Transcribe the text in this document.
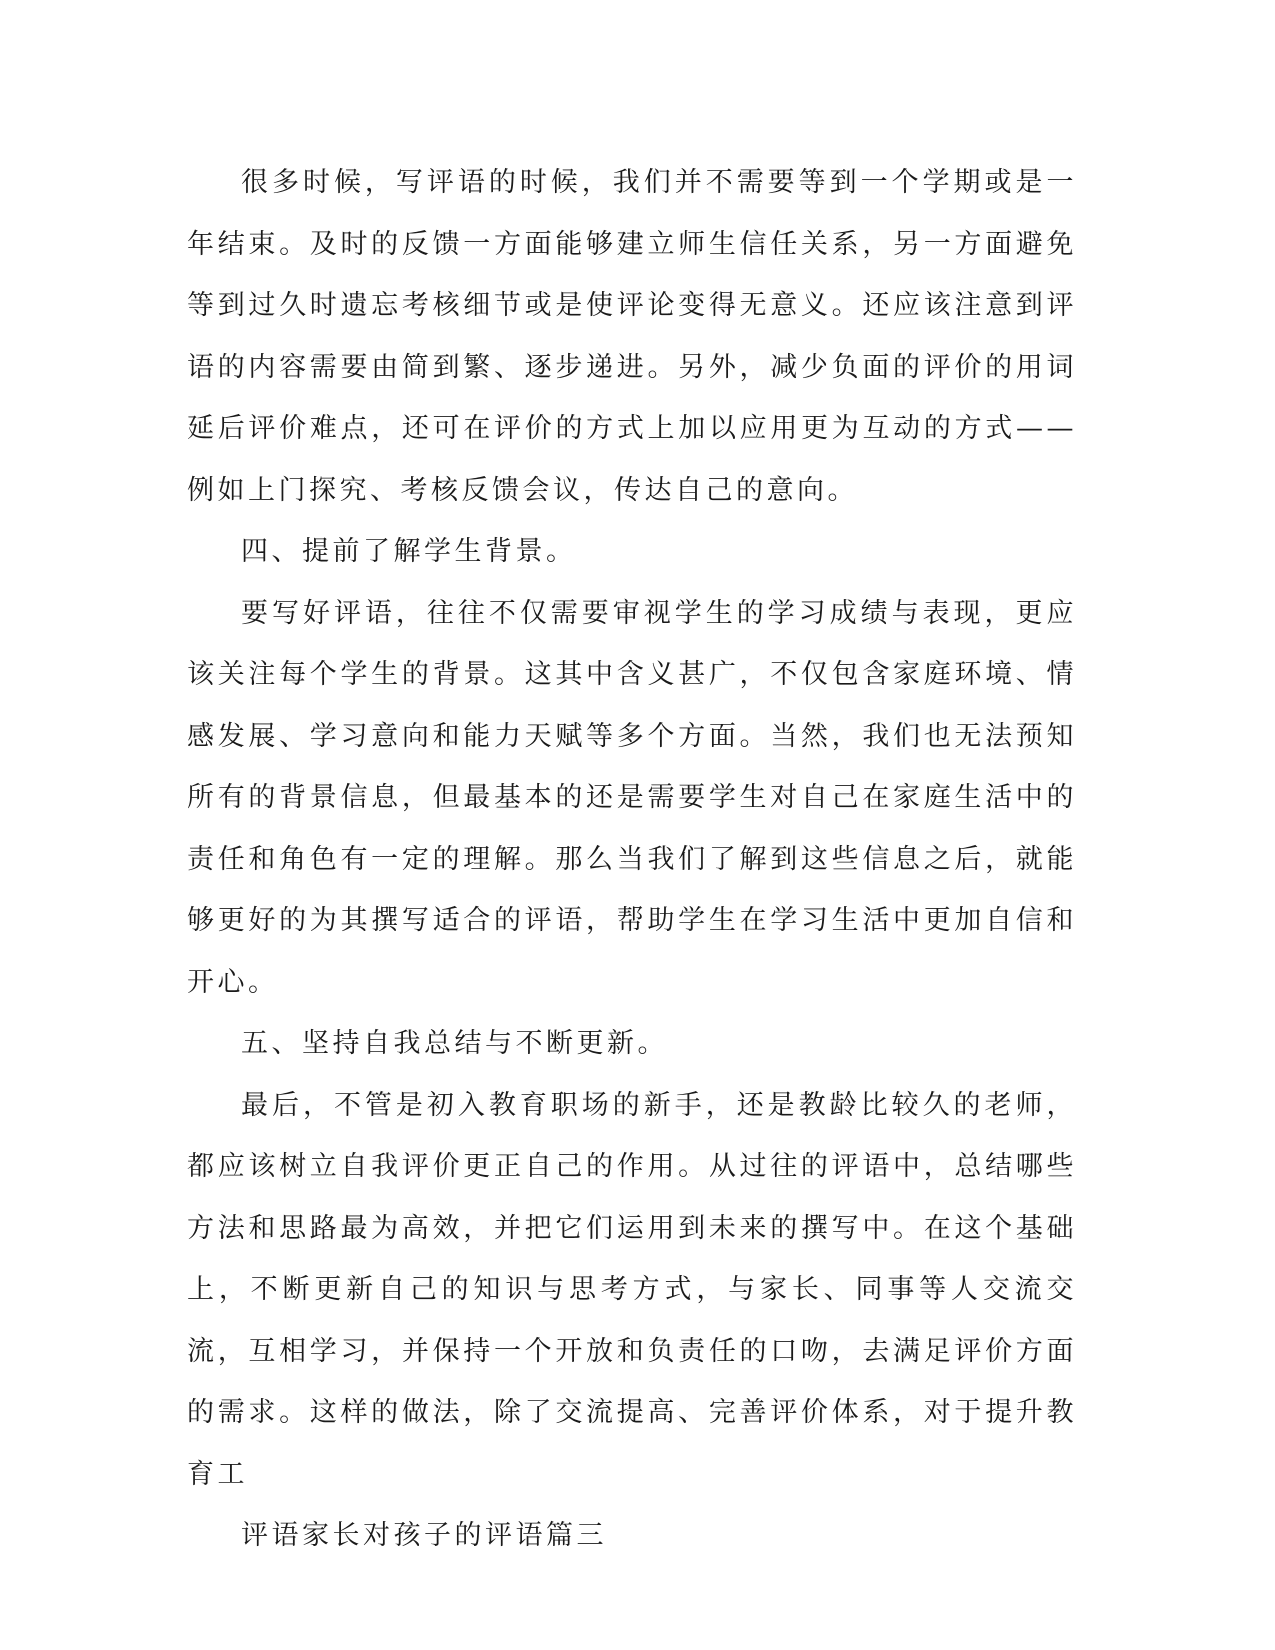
很多时候，写评语的时候，我们并不需要等到一个学期或是一年结束。及时的反馈一方面能够建立师生信任关系，另一方面避免等到过久时遗忘考核细节或是使评论变得无意义。还应该注意到评语的内容需要由简到繁、逐步递进。另外，减少负面的评价的用词延后评价难点，还可在评价的方式上加以应用更为互动的方式——例如上门探究、考核反馈会议，传达自己的意向。

四、提前了解学生背景。

要写好评语，往往不仅需要审视学生的学习成绩与表现，更应该关注每个学生的背景。这其中含义甚广，不仅包含家庭环境、情感发展、学习意向和能力天赋等多个方面。当然，我们也无法预知所有的背景信息，但最基本的还是需要学生对自己在家庭生活中的责任和角色有一定的理解。那么当我们了解到这些信息之后，就能够更好的为其撰写适合的评语，帮助学生在学习生活中更加自信和开心。

五、坚持自我总结与不断更新。

最后，不管是初入教育职场的新手，还是教龄比较久的老师，都应该树立自我评价更正自己的作用。从过往的评语中，总结哪些方法和思路最为高效，并把它们运用到未来的撰写中。在这个基础上，不断更新自己的知识与思考方式，与家长、同事等人交流交流，互相学习，并保持一个开放和负责任的口吻，去满足评价方面的需求。这样的做法，除了交流提高、完善评价体系，对于提升教育工

评语家长对孩子的评语篇三
